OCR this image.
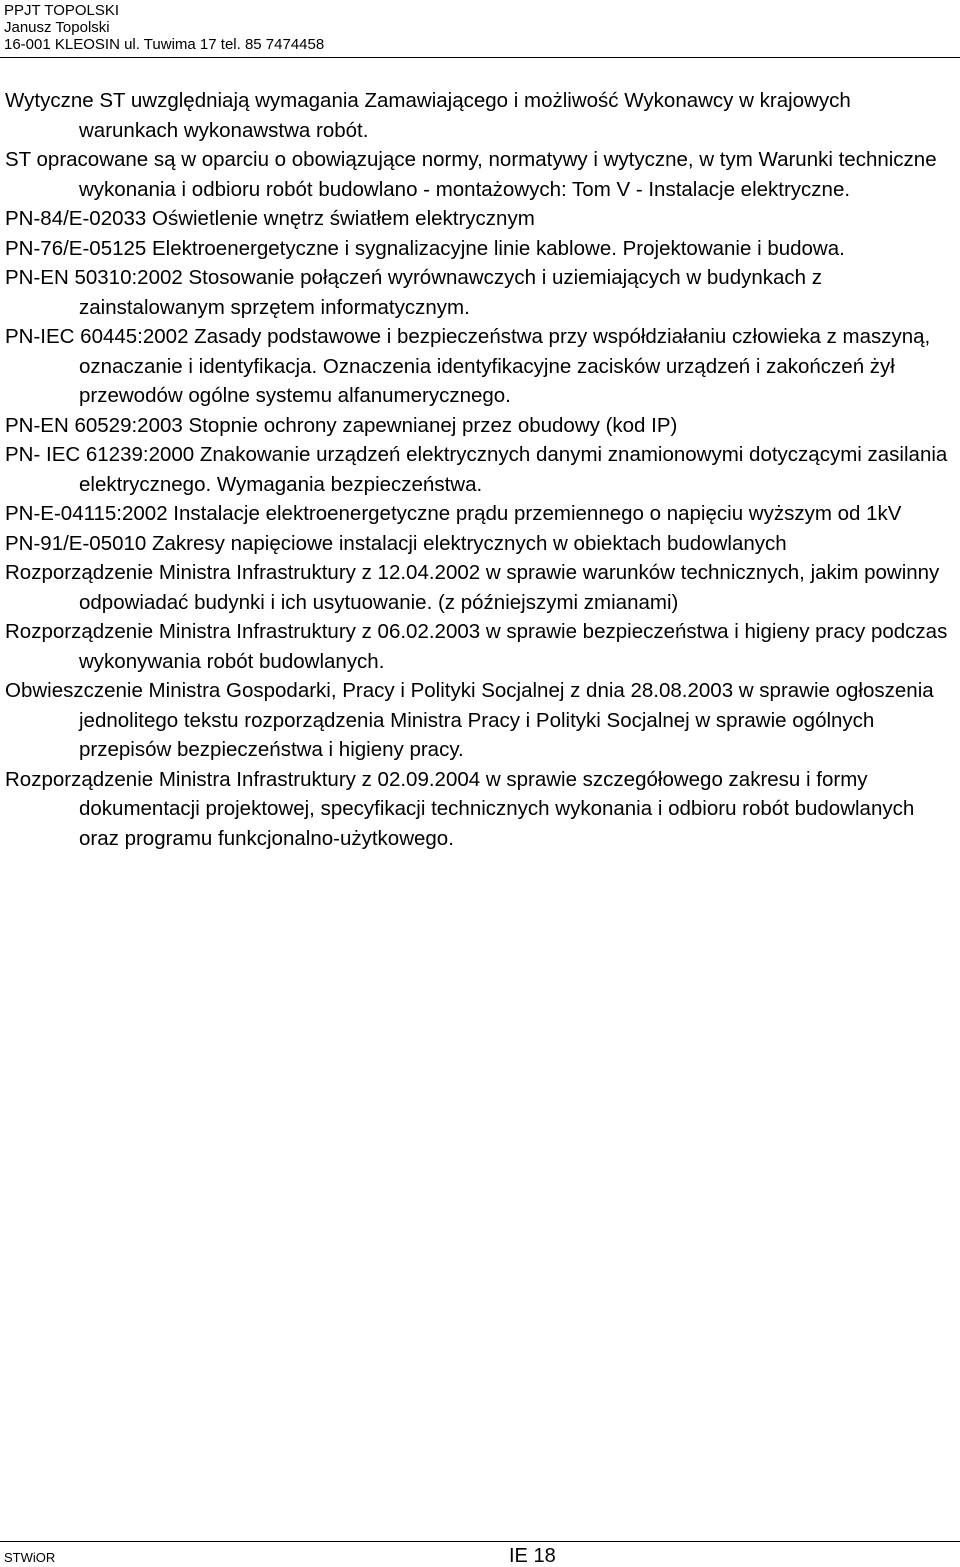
PPJT TOPOLSKI
Janusz Topolski
16-001 KLEOSIN ul. Tuwima 17 tel. 85 7474458

Wytyczne ST uwzględniają wymagania Zamawiającego i możliwość Wykonawcy w krajowych warunkach wykonawstwa robót.

ST opracowane są w oparciu o obowiązujące normy, normatywy i wytyczne, w tym Warunki techniczne wykonania i odbioru robót budowlano - montażowych: Tom V - Instalacje elektryczne.

PN-84/E-02033 Oświetlenie wnętrz światłem elektrycznym

PN-76/E-05125 Elektroenergetyczne i sygnalizacyjne linie kablowe. Projektowanie i budowa.

PN-EN 50310:2002 Stosowanie połączeń wyrównawczych i uziemiających w budynkach z zainstalowanym sprzętem informatycznym.

PN-IEC 60445:2002 Zasady podstawowe i bezpieczeństwa przy współdziałaniu człowieka z maszyną, oznaczanie i identyfikacja. Oznaczenia identyfikacyjne zacisków urządzeń i zakończeń żył przewodów ogólne systemu alfanumerycznego.

PN-EN 60529:2003 Stopnie ochrony zapewnianej przez obudowy (kod IP)

PN- IEC 61239:2000 Znakowanie urządzeń elektrycznych danymi znamionowymi dotyczącymi zasilania elektrycznego. Wymagania bezpieczeństwa.

PN-E-04115:2002 Instalacje elektroenergetyczne prądu przemiennego o napięciu wyższym od 1kV

PN-91/E-05010 Zakresy napięciowe instalacji elektrycznych w obiektach budowlanych

Rozporządzenie Ministra Infrastruktury z 12.04.2002 w sprawie warunków technicznych, jakim powinny odpowiadać budynki i ich usytuowanie. (z późniejszymi zmianami)

Rozporządzenie Ministra Infrastruktury z 06.02.2003 w sprawie bezpieczeństwa i higieny pracy podczas wykonywania robót budowlanych.

Obwieszczenie Ministra Gospodarki, Pracy i Polityki Socjalnej z dnia 28.08.2003 w sprawie ogłoszenia jednolitego tekstu rozporządzenia Ministra Pracy i Polityki Socjalnej w sprawie ogólnych przepisów bezpieczeństwa i higieny pracy.

Rozporządzenie Ministra Infrastruktury z 02.09.2004 w sprawie szczegółowego zakresu i formy dokumentacji projektowej, specyfikacji technicznych wykonania i odbioru robót budowlanych oraz programu funkcjonalno-użytkowego.

STWiOR	IE 18
